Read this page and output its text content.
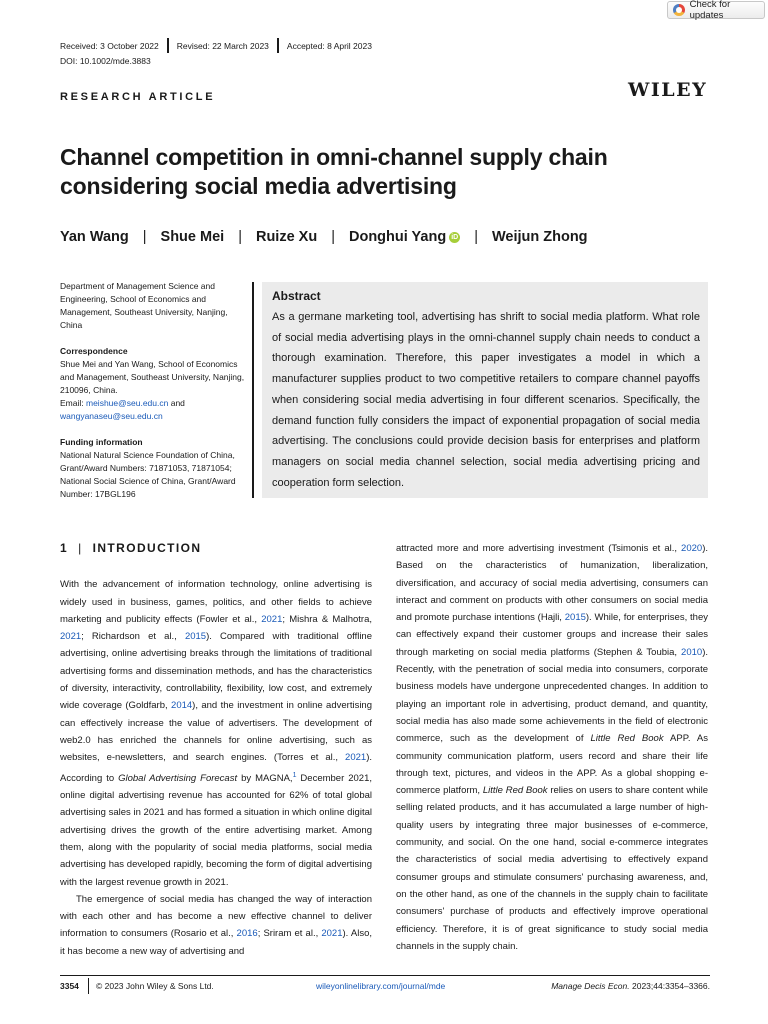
Check for updates
Received: 3 October 2022 Revised: 22 March 2023 Accepted: 8 April 2023
DOI: 10.1002/mde.3883
RESEARCH ARTICLE	WILEY
Channel competition in omni-channel supply chain considering social media advertising
Yan Wang | Shue Mei | Ruize Xu | Donghui Yang iD | Weijun Zhong

Department of Management Science and Engineering, School of Economics and Management, Southeast University, Nanjing, China

Correspondence

Shue Mei and Yan Wang, School of Economics and Management, Southeast University, Nanjing, 210096, China.
Email: meishue@seu.edu.cn and
wangyanaseu@seu.edu.cn

Funding information

National Natural Science Foundation of China, Grant/Award Numbers: 71871053, 71871054; National Social Science of China, Grant/Award Number: 17BGL196

Abstract
As a germane marketing tool, advertising has shrift to social media platform. What role of social media advertising plays in the omni-channel supply chain needs to conduct a thorough examination. Therefore, this paper investigates a model in which a manufacturer supplies product to two competitive retailers to compare channel payoffs when considering social media advertising in four different scenarios. Specifically, the demand function fully considers the impact of exponential propagation of social media advertising. The conclusions could provide decision basis for enterprises and platform managers on social media channel selection, social media advertising pricing and cooperation form selection.
1 | INTRODUCTION

With the advancement of information technology, online advertising is widely used in business, games, politics, and other fields to achieve marketing and publicity effects (Fowler et al., 2021; Mishra & Malhotra, 2021; Richardson et al., 2015). Compared with traditional offline advertising, online advertising breaks through the limitations of traditional advertising forms and dissemination methods, and has the characteristics of diversity, interactivity, controllability, flexibility, low cost, and extremely wide coverage (Goldfarb, 2014), and the investment in online advertising can effectively increase the value of advertisers. The development of web2.0 has enriched the channels for online advertising, such as websites, e-newsletters, and search engines. (Torres et al., 2021). According to Global Advertising Forecast by MAGNA,$^1$ December 2021, online digital advertising revenue has accounted for 62% of total global advertising sales in 2021 and has formed a situation in which online digital advertising drives the growth of the entire advertising market. Among them, along with the popularity of social media platforms, social media advertising has developed rapidly, becoming the form of digital advertising with the largest revenue growth in 2021.

The emergence of social media has changed the way of interaction with each other and has become a new effective channel to deliver information to consumers (Rosario et al., 2016; Sriram et al., 2021). Also, it has become a new way of advertising and

attracted more and more advertising investment (Tsimonis et al., 2020). Based on the characteristics of humanization, liberalization, diversification, and accuracy of social media advertising, consumers can interact and comment on products with other consumers on social media and promote purchase intentions (Hajli, 2015). While, for enterprises, they can effectively expand their customer groups and increase their sales through marketing on social media platforms (Stephen & Toubia, 2010). Recently, with the penetration of social media into consumers, corporate business models have undergone unprecedented changes. In addition to playing an important role in advertising, product demand, and quantity, social media has also made some achievements in the field of electronic commerce, such as the development of Little Red Book APP. As community communication platform, users record and share their life through text, pictures, and videos in the APP. As a global shopping e-commerce platform, Little Red Book relies on users to share content while selling related products, and it has accumulated a large number of high-quality users by integrating three major businesses of e-commerce, community, and social. On the one hand, social e-commerce integrates the characteristics of social media advertising to effectively expand consumer groups and stimulate consumers' purchasing awareness, and, on the other hand, as one of the channels in the supply chain to facilitate consumers' purchase of products and effectively improve operational efficiency. Therefore, it is of great significance to study social media channels in the supply chain.

3354 © 2023 John Wiley & Sons Ltd.	wileyonlinelibrary.com/journal/mde	Manage Decis Econ. 2023;44:3354–3366.
